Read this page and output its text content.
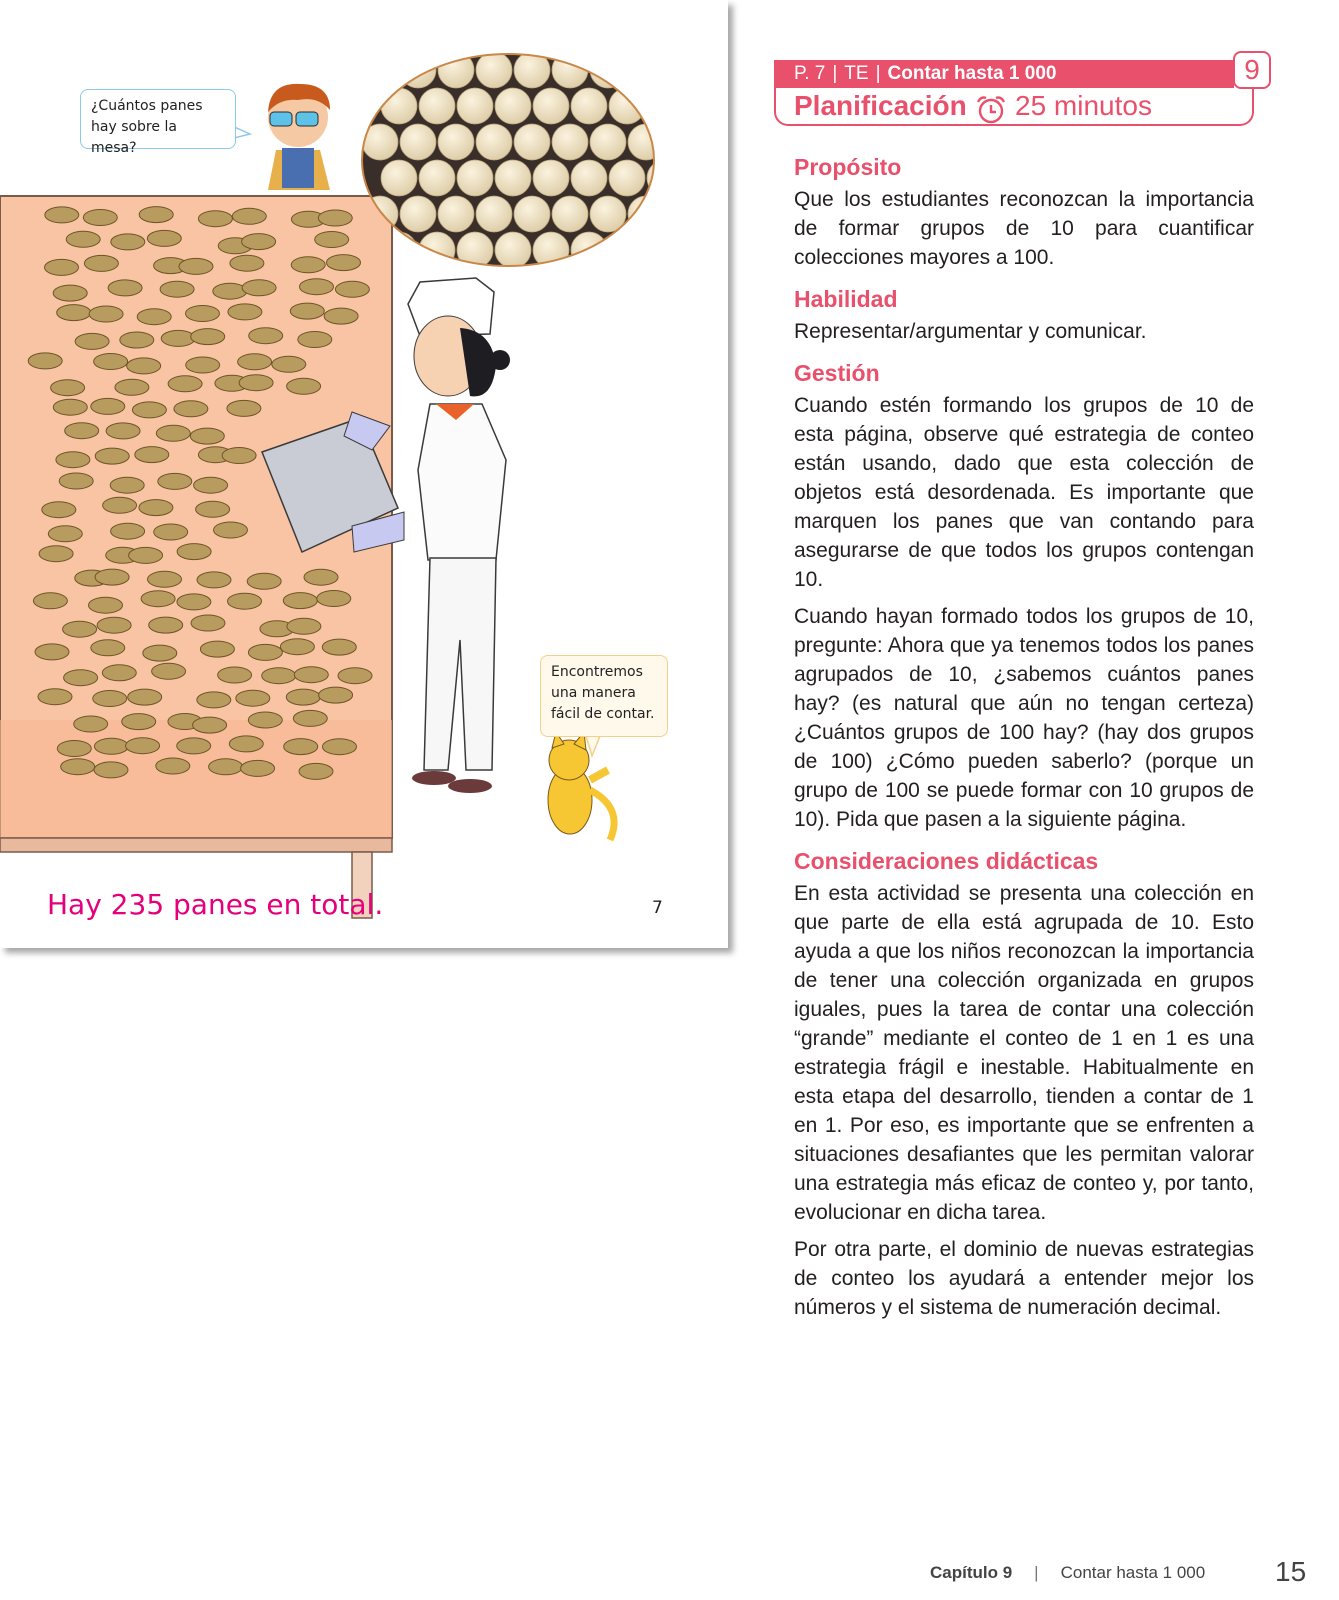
¿Cuántos panes hay sobre la mesa?
Encontremos una manera fácil de contar.
Hay 235 panes en total.	7
P. 7 | TE | Contar hasta 1 000	9
Planificación 25 minutos
Propósito

Que los estudiantes reconozcan la importancia de formar grupos de 10 para cuantificar colecciones mayores a 100.

Habilidad

Representar/argumentar y comunicar.

Gestión

Cuando estén formando los grupos de 10 de esta página, observe qué estrategia de conteo están usando, dado que esta colección de objetos está desordenada. Es importante que marquen los panes que van contando para asegurarse de que todos los grupos contengan 10.

Cuando hayan formado todos los grupos de 10, pregunte: Ahora que ya tenemos todos los panes agrupados de 10, ¿sabemos cuántos panes hay? (es natural que aún no tengan certeza) ¿Cuántos grupos de 100 hay? (hay dos grupos de 100) ¿Cómo pueden saberlo? (porque un grupo de 100 se puede formar con 10 grupos de 10). Pida que pasen a la siguiente página.

Consideraciones didácticas

En esta actividad se presenta una colección en que parte de ella está agrupada de 10. Esto ayuda a que los niños reconozcan la importancia de tener una colección organizada en grupos iguales, pues la tarea de contar una colección “grande” mediante el conteo de 1 en 1 es una estrategia frágil e inestable. Habitualmente en esta etapa del desarrollo, tienden a contar de 1 en 1. Por eso, es importante que se enfrenten a situaciones desafiantes que les permitan valorar una estrategia más eficaz de conteo y, por tanto, evolucionar en dicha tarea.

Por otra parte, el dominio de nuevas estrategias de conteo los ayudará a entender mejor los números y el sistema de numeración decimal.

Capítulo 9 | Contar hasta 1 000 15
